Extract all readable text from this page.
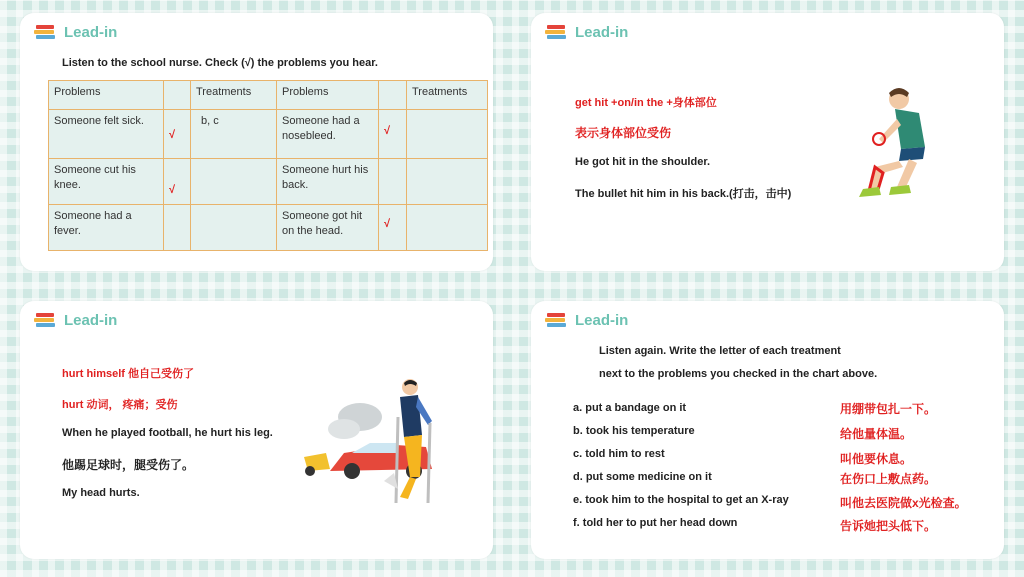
Lead-in
Listen to the school nurse. Check (√) the problems you hear.
Problems		Treatments	Problems		Treatments
Someone felt sick.	√	b, c	Someone had a nosebleed.	√	
Someone cut his knee.	√		Someone hurt his back.		
Someone had a fever.			Someone got hit on the head.	√	
Lead-in
get hit +on/in the +身体部位
表示身体部位受伤
He got hit in the shoulder.
The bullet hit him in his back.(打击，击中)
Lead-in
hurt himself 他自己受伤了
hurt 动词， 疼痛；受伤
When he played football, he hurt his leg.
他踢足球时，腿受伤了。
My head hurts.
Lead-in
Listen again. Write the letter of each treatment
next to the problems you checked in the chart above.
a. put a bandage on it	用绷带包扎一下。
b. took his temperature	给他量体温。
c. told him to rest	叫他要休息。
d. put some medicine on it	在伤口上敷点药。
e. took him to the hospital to get an X-ray	叫他去医院做x光检查。
f. told her to put her head down	告诉她把头低下。
